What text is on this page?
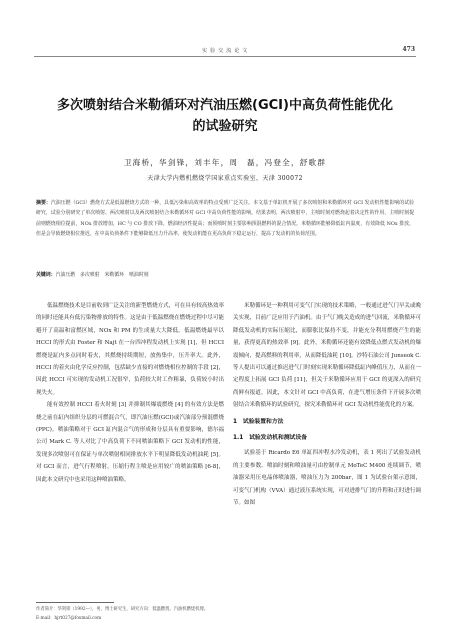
实 验 交 流 论 文	473
多次喷射结合米勒循环对汽油压燃(GCI)中高负荷性能优化
的试验研究
卫海桥，华剑锋，刘丰年，周　磊，冯登全，舒歌群
天津大学内燃机燃烧学国家重点实验室，天津 300072
摘要：汽油压燃（GCI）燃烧方式是低温燃烧方式的一种，具低污染和高效率的特点受到广泛关注。本文基于单缸机开展了多次喷射和米勒循环对 GCI 发动机性能影响的试验研究，试验分别研究了单次喷射、两次喷射以及两次喷射结合米勒循环对 GCI 中高负荷性能的影响。结果表明，两次喷射中，主喷时刻对燃烧起着决定性的作用，主喷时刻提前则燃烧相位提前，NOx 排放增加，HC 与 CO 排放下降，燃油经济性提高；而预喷时刻主要影响预混燃料的混合情况。米勒循环能够降低缸内温度，有效降低 NOx 排放，但是会导致燃烧相位推迟，在中高负荷条件下能够降低压力升高率，使发动机能在更高负荷下稳定运行，提高了发动机的负荷范围。
关键词：汽油压燃　多次喷射　米勒循环　喷油时刻

低温燃烧技术是目前收到广泛关注的新型燃烧方式，可在具有较高热效率的同时还能具有低污染物排放的特性。这是由于低温燃烧在燃烧过程中尽可能避开了高温和富燃区域，NOx 和 PM 的生成量大大降低。低温燃烧最早以 HCCI 的形式由 Foster 和 Najt 在一台四冲程发动机上实现 [1]，但 HCCI 燃烧是缸内多点同时着火，其燃烧持续期短，放热集中，压升率大。此外，HCCI 的着火由化学反应控制，包括缺少直接的对燃烧相位控制的手段 [2]，因此 HCCI 可实现的发动机工况很窄，负荷较大时工作粗暴，负荷较小时出现失火。

能有效控制 HCCI 着火时刻 [3] 并抑制其爆震燃烧 [4] 的有效方法是燃烧之前在缸内组织分层的可燃混合气，即汽油压燃(GCI)或汽油部分预混燃烧(PPC)。喷油策略对于 GCI 缸内混合气的形成和分层具有重要影响，德尔福公司 Mark C. 等人对比了中高负荷下不同喷油策略下 GCI 发动机的性能，发现多次喷射可在保证与单次喷射相同排放水平下明显降低发动机油耗 [5]。对 GCI 而言，进气行程喷射，压缩行程主喷是应用较广的喷油策略 [6-8]，因此本文研究中也采用这种喷油策略。

米勒循环是一种利用可变气门实现的技术策略，一般通过进气门早关或晚关实现，目前广泛应用于汽油机。由于气门晚关造成的进气回流，米勒循环可降低发动机的实际压缩比，而膨胀比保持不变，并能充分利用燃烧产生的能量，获得更高的热效率 [9]。此外，米勒循环还能有效降低点燃式发动机的爆震倾向，提高燃料的利用率，从而降低油耗 [10]。沙特石油公司 Junseok C. 等人提出可以通过推迟进气门时刻实现米勒循环降低缸内峰值压力，从而在一定程度上拓展 GCI 负荷 [11]，但关于米勒循环应用于 GCI 的更深入的研究尚鲜有报道。因此，本文针对 GCI 中高负荷，在进气增压条件下开展多次喷射结合米勒循环的试验研究，探究米勒循环对 GCI 发动机性能优化的方案。

1　试验装置和方法
1.1　试验发动机和测试设备

试验基于 Ricardo E6 单缸四冲程水冷发动机，表 1 列出了试验发动机的主要参数。喷油时刻和喷油量可由控制单元 MoTeC M400 连续调节，喷油器采用压电晶体喷油器，喷油压力为 200bar，图 1 为试验台架示意图，可变气门机构（VVA）通过液压系统实现，可对进排气门的升程和正时进行调节。如图

作者简介：华剑锋（1992—），男，博士研究生，研究方向：低温燃烧、汽油机燃烧机理。
E-mail：hjrt027@foxmail.com
